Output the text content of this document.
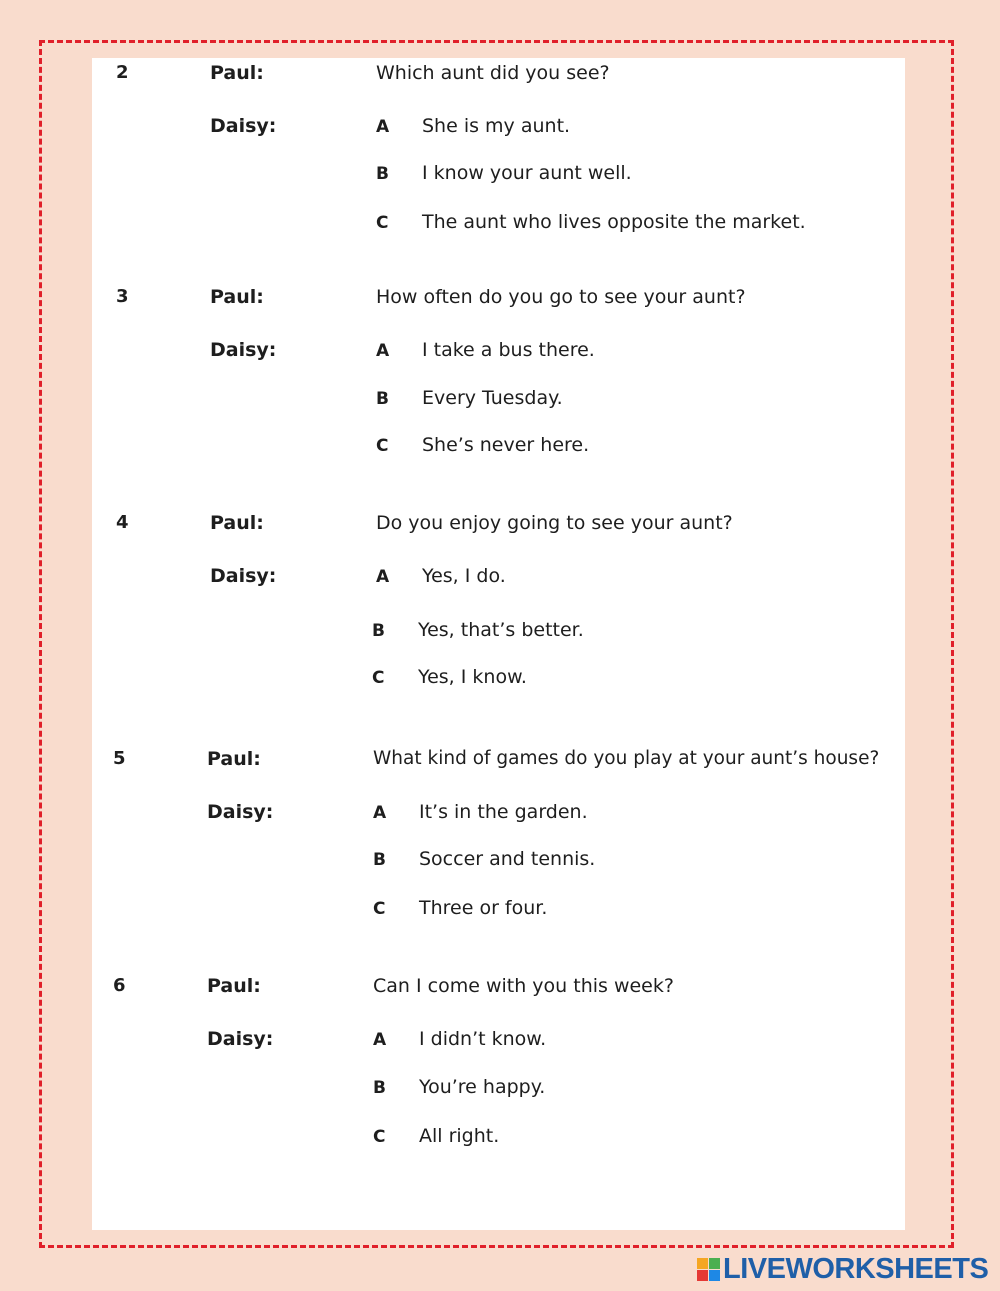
2	Paul:	Which aunt did you see?
Daisy:	A She is my aunt.
B I know your aunt well.
C The aunt who lives opposite the market.
3	Paul:	How often do you go to see your aunt?
Daisy:	A I take a bus there.
B Every Tuesday.
C She’s never here.
4	Paul:	Do you enjoy going to see your aunt?
Daisy:	A Yes, I do.
B Yes, that’s better.
C Yes, I know.
5	Paul:	What kind of games do you play at your aunt’s house?
Daisy:	A It’s in the garden.
B Soccer and tennis.
C Three or four.
6	Paul:	Can I come with you this week?
Daisy:	A I didn’t know.
B You’re happy.
C All right.
LIVEWORKSHEETS
